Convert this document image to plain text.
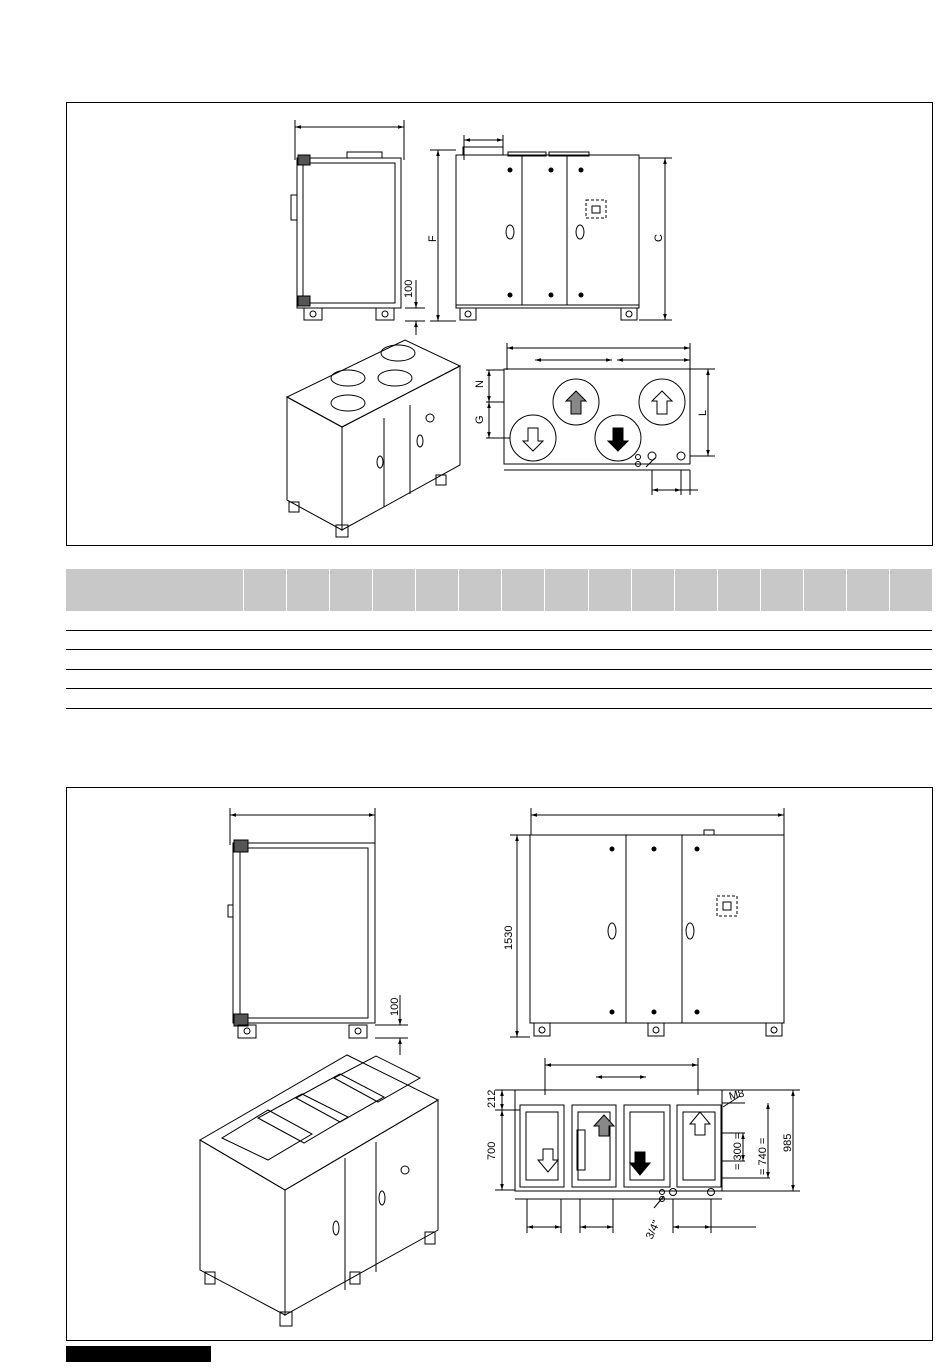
100
F	C
N
G
L
100
1530
212
700	= 300 = = 740 = 985
M8
3/4"
